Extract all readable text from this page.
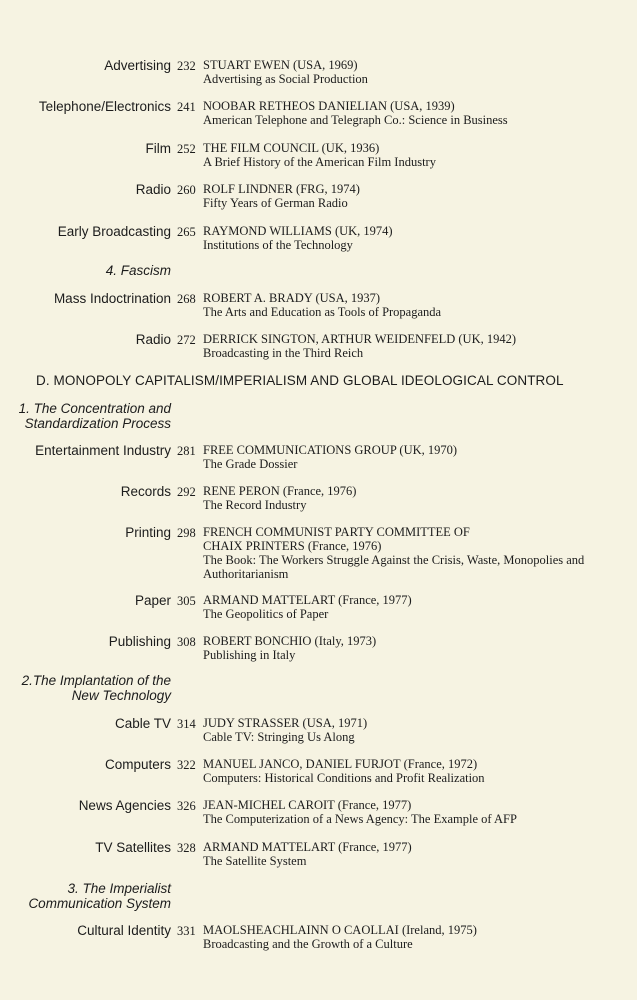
Advertising 232 STUART EWEN (USA, 1969)
Advertising as Social Production
Telephone/Electronics 241 NOOBAR RETHEOS DANIELIAN (USA, 1939)
American Telephone and Telegraph Co.: Science in Business
Film 252 THE FILM COUNCIL (UK, 1936)
A Brief History of the American Film Industry
Radio 260 ROLF LINDNER (FRG, 1974)
Fifty Years of German Radio
Early Broadcasting 265 RAYMOND WILLIAMS (UK, 1974)
Institutions of the Technology
4. Fascism
Mass Indoctrination 268 ROBERT A. BRADY (USA, 1937)
The Arts and Education as Tools of Propaganda
Radio 272 DERRICK SINGTON, ARTHUR WEIDENFELD (UK, 1942)
Broadcasting in the Third Reich
D. MONOPOLY CAPITALISM/IMPERIALISM AND GLOBAL IDEOLOGICAL CONTROL
1. The Concentration and
Standardization Process
Entertainment Industry 281 FREE COMMUNICATIONS GROUP (UK, 1970)
The Grade Dossier
Records 292 RENE PERON (France, 1976)
The Record Industry
Printing 298 FRENCH COMMUNIST PARTY COMMITTEE OF
CHAIX PRINTERS (France, 1976)
The Book: The Workers Struggle Against the Crisis, Waste, Monopolies and Authoritarianism
Paper 305 ARMAND MATTELART (France, 1977)
The Geopolitics of Paper
Publishing 308 ROBERT BONCHIO (Italy, 1973)
Publishing in Italy
2.The Implantation of the
New Technology
Cable TV 314 JUDY STRASSER (USA, 1971)
Cable TV: Stringing Us Along
Computers 322 MANUEL JANCO, DANIEL FURJOT (France, 1972)
Computers: Historical Conditions and Profit Realization
News Agencies 326 JEAN-MICHEL CAROIT (France, 1977)
The Computerization of a News Agency: The Example of AFP
TV Satellites 328 ARMAND MATTELART (France, 1977)
The Satellite System
3. The Imperialist
Communication System
Cultural Identity 331 MAOLSHEACHLAINN O CAOLLAI (Ireland, 1975)
Broadcasting and the Growth of a Culture
